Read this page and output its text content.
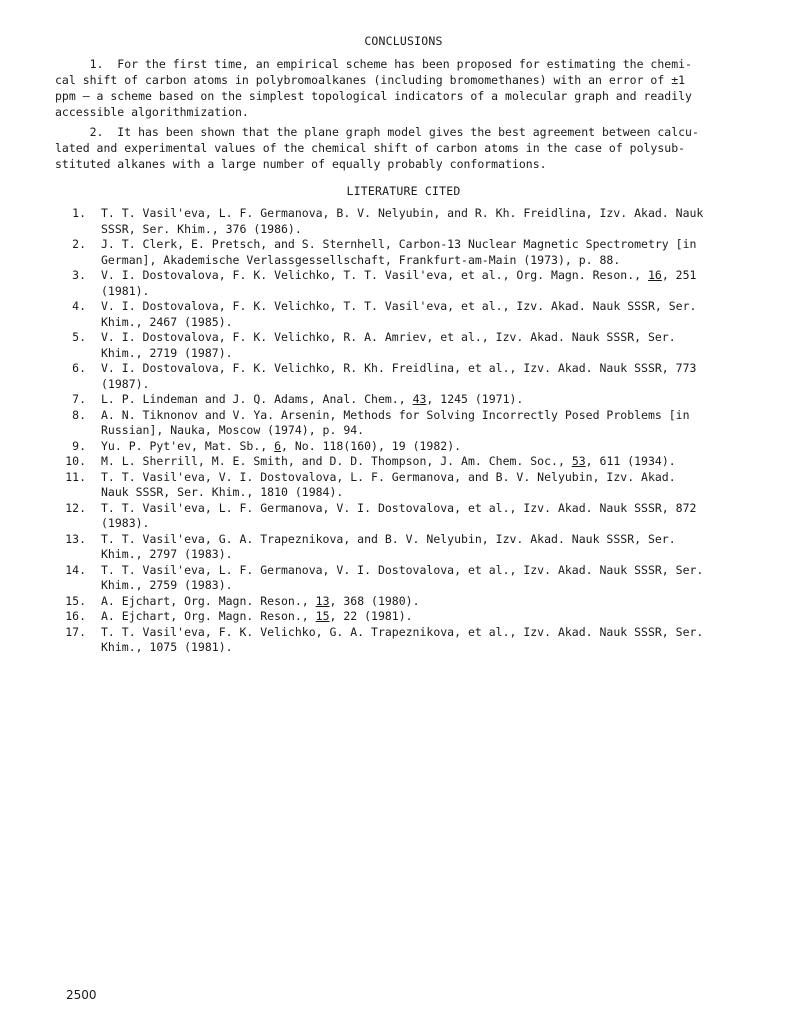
CONCLUSIONS
1.  For the first time, an empirical scheme has been proposed for estimating the chemi-
cal shift of carbon atoms in polybromoalkanes (including bromomethanes) with an error of ±1
ppm — a scheme based on the simplest topological indicators of a molecular graph and readily
accessible algorithmization.
2.  It has been shown that the plane graph model gives the best agreement between calcu-
lated and experimental values of the chemical shift of carbon atoms in the case of polysub-
stituted alkanes with a large number of equally probably conformations.
LITERATURE CITED
1. T. T. Vasil'eva, L. F. Germanova, B. V. Nelyubin, and R. Kh. Freidlina, Izv. Akad. Nauk
SSSR, Ser. Khim., 376 (1986).
2. J. T. Clerk, E. Pretsch, and S. Sternhell, Carbon-13 Nuclear Magnetic Spectrometry [in
German], Akademische Verlassgessellschaft, Frankfurt-am-Main (1973), p. 88.
3. V. I. Dostovalova, F. K. Velichko, T. T. Vasil'eva, et al., Org. Magn. Reson., 16, 251
(1981).
4. V. I. Dostovalova, F. K. Velichko, T. T. Vasil'eva, et al., Izv. Akad. Nauk SSSR, Ser.
Khim., 2467 (1985).
5. V. I. Dostovalova, F. K. Velichko, R. A. Amriev, et al., Izv. Akad. Nauk SSSR, Ser.
Khim., 2719 (1987).
6. V. I. Dostovalova, F. K. Velichko, R. Kh. Freidlina, et al., Izv. Akad. Nauk SSSR, 773
(1987).
7. L. P. Lindeman and J. Q. Adams, Anal. Chem., 43, 1245 (1971).
8. A. N. Tiknonov and V. Ya. Arsenin, Methods for Solving Incorrectly Posed Problems [in
Russian], Nauka, Moscow (1974), p. 94.
9. Yu. P. Pyt'ev, Mat. Sb., 6, No. 118(160), 19 (1982).
10. M. L. Sherrill, M. E. Smith, and D. D. Thompson, J. Am. Chem. Soc., 53, 611 (1934).
11. T. T. Vasil'eva, V. I. Dostovalova, L. F. Germanova, and B. V. Nelyubin, Izv. Akad.
Nauk SSSR, Ser. Khim., 1810 (1984).
12. T. T. Vasil'eva, L. F. Germanova, V. I. Dostovalova, et al., Izv. Akad. Nauk SSSR, 872
(1983).
13. T. T. Vasil'eva, G. A. Trapeznikova, and B. V. Nelyubin, Izv. Akad. Nauk SSSR, Ser.
Khim., 2797 (1983).
14. T. T. Vasil'eva, L. F. Germanova, V. I. Dostovalova, et al., Izv. Akad. Nauk SSSR, Ser.
Khim., 2759 (1983).
15. A. Ejchart, Org. Magn. Reson., 13, 368 (1980).
16. A. Ejchart, Org. Magn. Reson., 15, 22 (1981).
17. T. T. Vasil'eva, F. K. Velichko, G. A. Trapeznikova, et al., Izv. Akad. Nauk SSSR, Ser.
Khim., 1075 (1981).
2500
